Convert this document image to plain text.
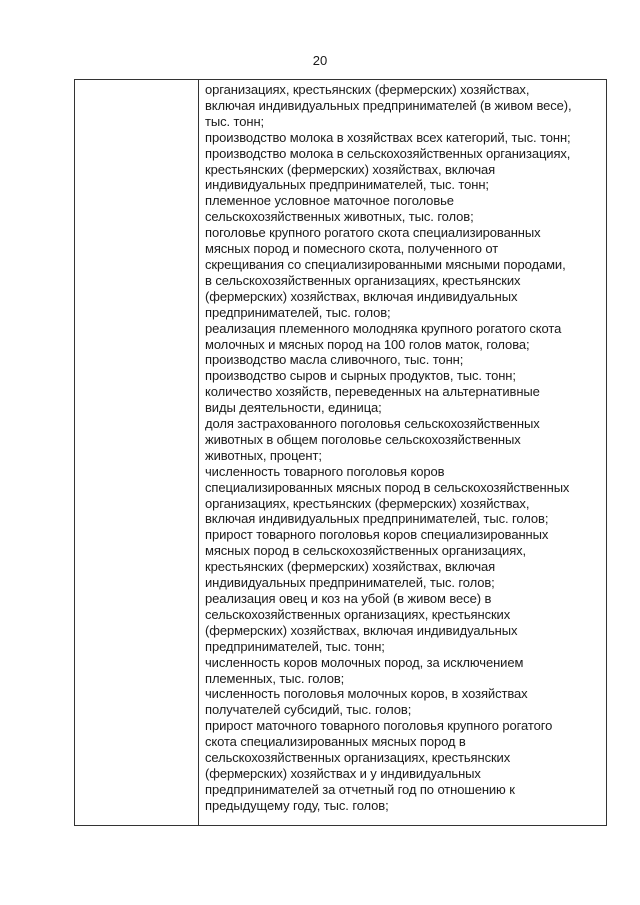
20
организациях, крестьянских (фермерских) хозяйствах,
включая индивидуальных предпринимателей (в живом весе),
тыс. тонн;
производство молока в хозяйствах всех категорий, тыс. тонн;
производство молока в сельскохозяйственных организациях,
крестьянских (фермерских) хозяйствах, включая
индивидуальных предпринимателей, тыс. тонн;
племенное условное маточное поголовье
сельскохозяйственных животных, тыс. голов;
поголовье крупного рогатого скота специализированных
мясных пород и помесного скота, полученного от
скрещивания со специализированными мясными породами,
в сельскохозяйственных организациях, крестьянских
(фермерских) хозяйствах, включая индивидуальных
предпринимателей, тыс. голов;
реализация племенного молодняка крупного рогатого скота
молочных и мясных пород на 100 голов маток, голова;
производство масла сливочного, тыс. тонн;
производство сыров и сырных продуктов, тыс. тонн;
количество хозяйств, переведенных на альтернативные
виды деятельности, единица;
доля застрахованного поголовья сельскохозяйственных
животных в общем поголовье сельскохозяйственных
животных, процент;
численность товарного поголовья коров
специализированных мясных пород в сельскохозяйственных
организациях, крестьянских (фермерских) хозяйствах,
включая индивидуальных предпринимателей, тыс. голов;
прирост товарного поголовья коров специализированных
мясных пород в сельскохозяйственных организациях,
крестьянских (фермерских) хозяйствах, включая
индивидуальных предпринимателей, тыс. голов;
реализация овец и коз на убой (в живом весе) в
сельскохозяйственных организациях, крестьянских
(фермерских) хозяйствах, включая индивидуальных
предпринимателей, тыс. тонн;
численность коров молочных пород, за исключением
племенных, тыс. голов;
численность поголовья молочных коров, в хозяйствах
получателей субсидий, тыс. голов;
прирост маточного товарного поголовья крупного рогатого
скота специализированных мясных пород в
сельскохозяйственных организациях, крестьянских
(фермерских) хозяйствах и у индивидуальных
предпринимателей за отчетный год по отношению к
предыдущему году, тыс. голов;
